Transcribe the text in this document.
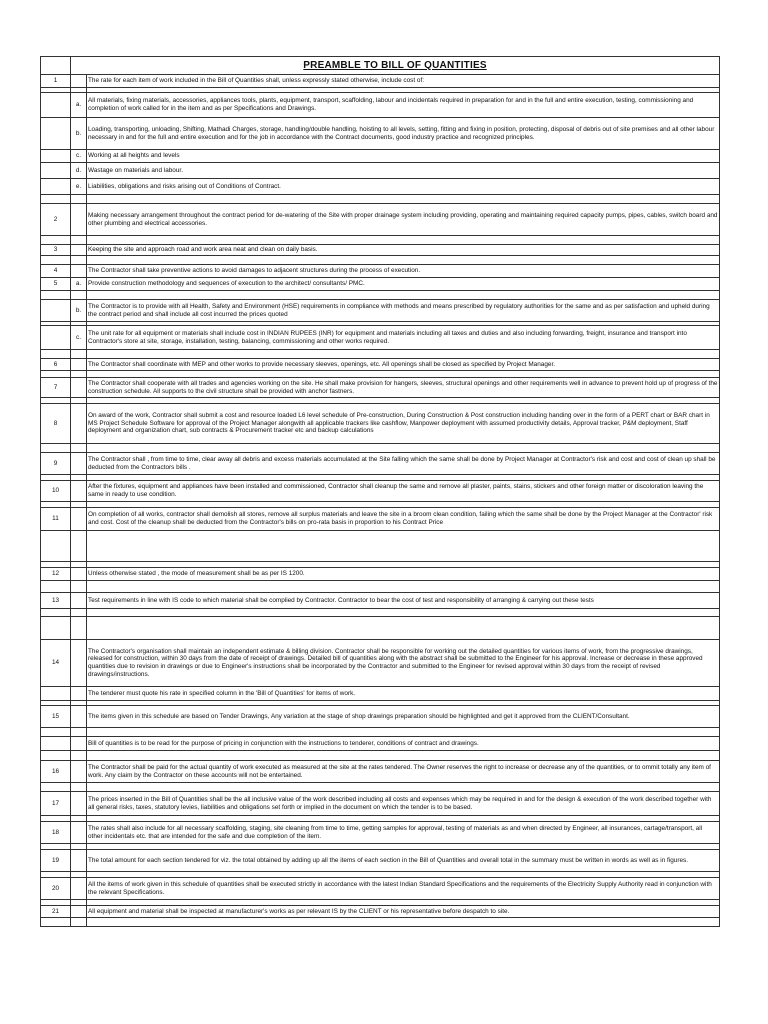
	PREAMBLE TO BILL OF QUANTITIES	
1		The rate for each item of work included in the Bill of Quantities shall, unless expressly stated otherwise, include cost of:

	a.	All materials, fixing materials, accessories, appliances tools, plants, equipment, transport, scaffolding, labour and incidentals required in preparation for and in the full and entire execution, testing, commissioning and completion of work called for in the item and as per Specifications and Drawings.
	b.	Loading, transporting, unloading, Shifting, Mathadi Charges, storage, handling/double handling, hoisting to all levels, setting, fitting and fixing in position, protecting, disposal of debris out of site premises and all other labour necessary in and for the full and entire execution and for the job in accordance with the Contract documents, good industry practice and recognized principles.
	c.	Working at all heights and levels
	d.	Wastage on materials and labour.
	e.	Liabilities, obligations and risks arising out of Conditions of Contract.

2		Making necessary arrangement throughout the contract period for de-watering of the Site with proper drainage system including providing, operating and maintaining required capacity pumps, pipes, cables, switch board and other plumbing and electrical accessories.

3		Keeping the site and approach road and work area neat and clean on daily basis.

4		The Contractor shall take preventive actions to avoid damages to adjacent structures during the process of execution.
5	a.	Provide construction methodology and sequences of execution to the architect/ consultants/ PMC.

	b.	The Contractor is to provide with all Health, Safety and Environment (HSE) requirements in compliance with methods and means prescribed by regulatory authorities for the same and as per satisfaction and upheld during the contract period and shall include all cost incurred the prices quoted

	c.	The unit rate for all equipment or materials shall include cost in INDIAN RUPEES (INR) for equipment and materials including all taxes and duties and also including forwarding, freight, insurance and transport into Contractor's store at site, storage, installation, testing, balancing, commissioning and other works required.

6		The Contractor shall coordinate with MEP and other works to provide necessary sleeves, openings, etc. All openings shall be closed as specified by Project Manager.

7		The Contractor shall cooperate with all trades and agencies working on the site. He shall make provision for hangers, sleeves, structural openings and other requirements well in advance to prevent hold up of progress of the construction schedule. All supports to the civil structure shall be provided with anchor fastners.

8		On award of the work, Contractor shall submit a cost and resource loaded L6 level schedule of Pre-construction, During Construction & Post construction including handing over in the form of a PERT chart or BAR chart in MS Project Schedule Software for approval of the Project Manager alongwith all applicable trackers like cashflow, Manpower deployment with assumed productivity details, Approval tracker, P&M deployment, Staff deployment and organization chart, sub contracts & Procurement tracker etc and backup calculations

9		The Contractor shall , from time to time, clear away all debris and excess materials accumulated at the Site falling which the same shall be done by Project Manager at Contractor's risk and cost and cost of clean up shall be deducted from the Contractors bills .

10		After the fixtures, equipment and appliances have been installed and commissioned, Contractor shall cleanup the same and remove all plaster, paints, stains, stickers and other foreign matter or discoloration leaving the same in ready to use condition.

11		On completion of all works, contractor shall demolish all stores, remove all surplus materials and leave the site in a broom clean condition, failing which the same shall be done by the Project Manager at the Contractor' risk and cost. Cost of the cleanup shall be deducted from the Contractor's bills on pro-rata basis in proportion to his Contract Price

12		Unless otherwise stated , the mode of measurement shall be as per IS 1200.

13		Test requirements in line with IS code to which material shall be complied by Contractor. Contractor to bear the cost of test and responsibility of arranging & carrying out these tests

14		The Contractor's organisation shall maintain an independent estimate & billing division. Contractor shall be responsible for working out the detailed quantities for various items of work, from the progressive drawings, released for construction, within 30 days from the date of receipt of drawings. Detailed bill of quantities along with the abstract shall be submitted to the Engineer for his approval. Increase or decrease in these approved quantities due to revision in drawings or due to Engineer's instructions shall be incorporated by the Contractor and submitted to the Engineer for revised approval within 30 days from the receipt of revised drawings/instructions.
		The tenderer must quote his rate in specified column in the 'Bill of Quantities' for items of work.

15		The items given in this schedule are based on Tender Drawings, Any variation at the stage of shop drawings preparation should be highlighted and get it approved from the CLIENT/Consultant.

		Bill of quantities is to be read for the purpose of pricing in conjunction with the instructions to tenderer, conditions of contract and drawings.

16		The Contractor shall be paid for the actual quantity of work executed as measured at the site at the rates tendered. The Owner reserves the right to increase or decrease any of the quantities, or to ommit totally any item of work. Any claim by the Contractor on these accounts will not be entertained.

17		The prices inserted in the Bill of Quantities shall be the all inclusive value of the work described including all costs and expenses which may be required in and for the design & execution of the work described together with all general risks, taxes, statutory levies, liabilities and obligations set forth or implied in the document on which the tender is to be based.

18		The rates shall also include for all necessary scaffolding, staging, site cleaning from time to time, getting samples for approval, testing of materials as and when directed by Engineer, all insurances, cartage/transport, all other incidentals etc. that are intended for the safe and due completion of the item.

19		The total amount for each section tendered for viz. the total obtained by adding up all the items of each section in the Bill of Quantities and overall total in the summary must be written in words as well as in figures.

20		All the items of work given in this schedule of quantities shall be executed strictly in accordance with the latest Indian Standard Specifications and the requirements of the Electricity Supply Authority read in conjunction with the relevant Specifications.

21		All equipment and material shall be inspected at manufacturer's works as per relevant IS by the CLIENT or his representative before despatch to site.
